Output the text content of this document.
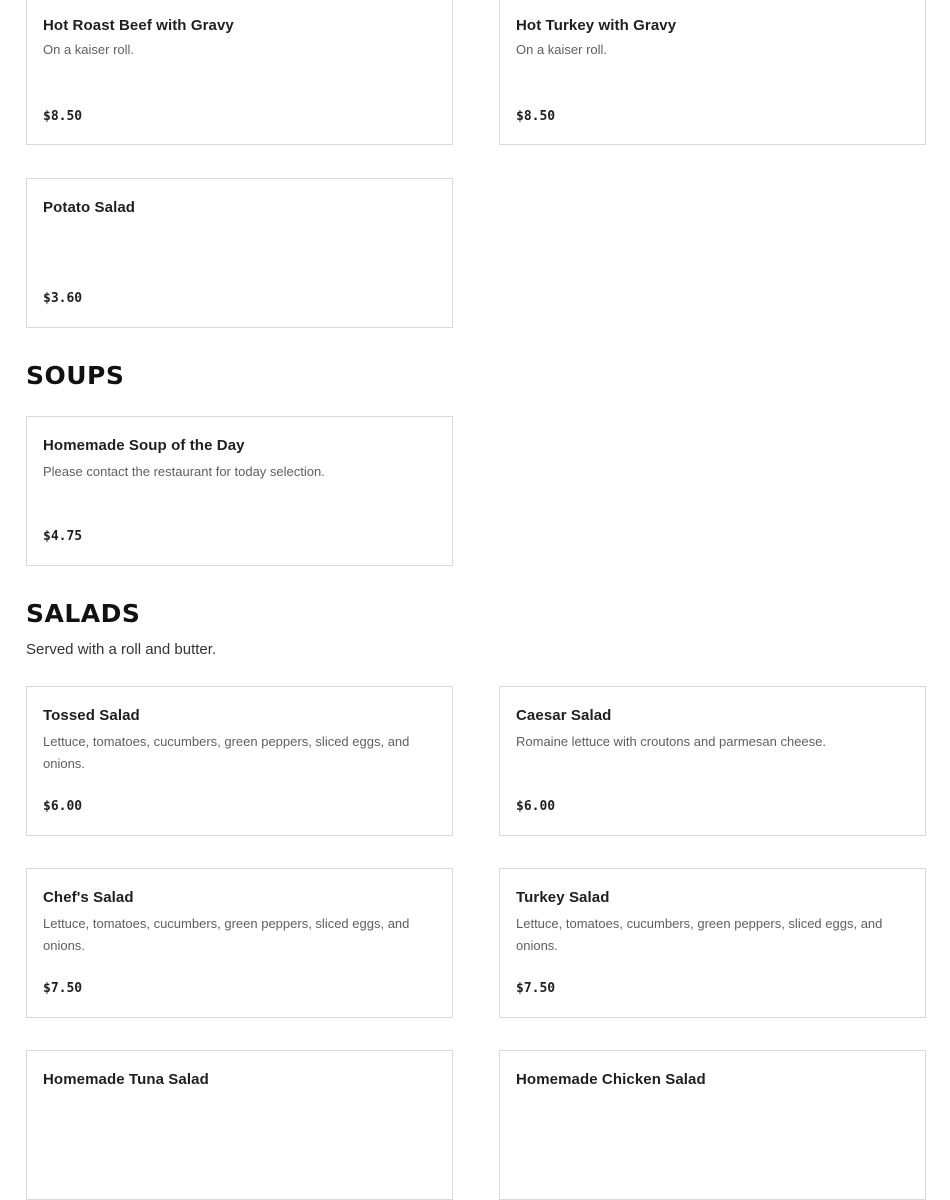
Hot Roast Beef with Gravy
On a kaiser roll.
$8.50
Hot Turkey with Gravy
On a kaiser roll.
$8.50
Potato Salad
$3.60
SOUPS
Homemade Soup of the Day
Please contact the restaurant for today selection.
$4.75
SALADS
Served with a roll and butter.
Tossed Salad
Lettuce, tomatoes, cucumbers, green peppers, sliced eggs, and onions.
$6.00
Caesar Salad
Romaine lettuce with croutons and parmesan cheese.
$6.00
Chef's Salad
Lettuce, tomatoes, cucumbers, green peppers, sliced eggs, and onions.
$7.50
Turkey Salad
Lettuce, tomatoes, cucumbers, green peppers, sliced eggs, and onions.
$7.50
Homemade Tuna Salad	Homemade Chicken Salad
